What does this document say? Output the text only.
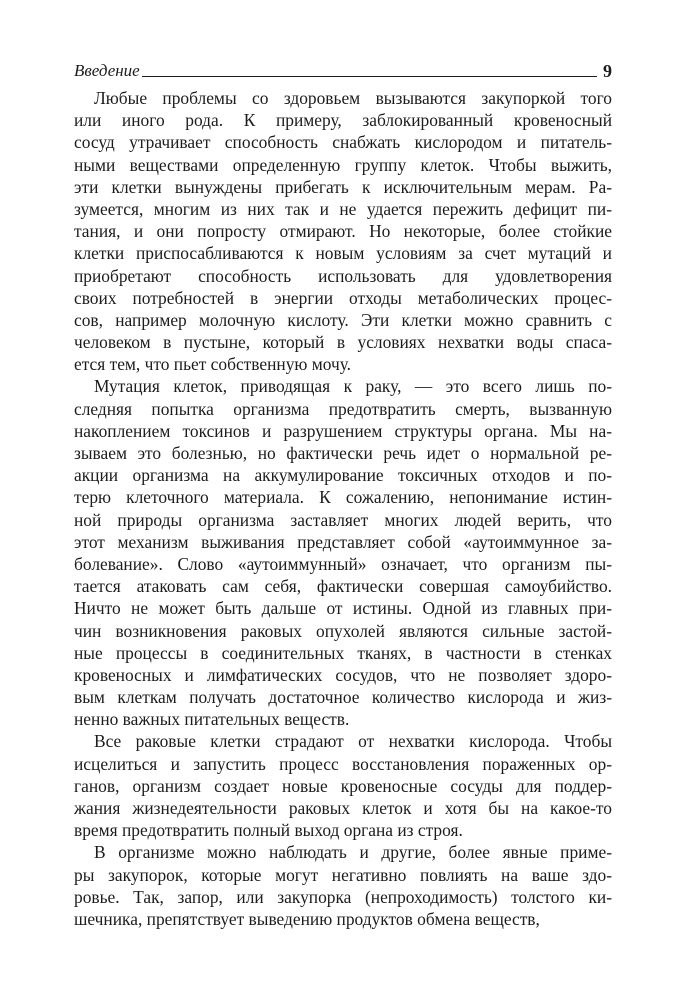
Введение	9
Любые проблемы со здоровьем вызываются закупоркой того
или иного рода. К примеру, заблокированный кровеносный
сосуд утрачивает способность снабжать кислородом и питатель-
ными веществами определенную группу клеток. Чтобы выжить,
эти клетки вынуждены прибегать к исключительным мерам. Ра-
зумеется, многим из них так и не удается пережить дефицит пи-
тания, и они попросту отмирают. Но некоторые, более стойкие
клетки приспосабливаются к новым условиям за счет мутаций и
приобретают способность использовать для удовлетворения
своих потребностей в энергии отходы метаболических процес-
сов, например молочную кислоту. Эти клетки можно сравнить с
человеком в пустыне, который в условиях нехватки воды спаса-
ется тем, что пьет собственную мочу.
Мутация клеток, приводящая к раку, — это всего лишь по-
следняя попытка организма предотвратить смерть, вызванную
накоплением токсинов и разрушением структуры органа. Мы на-
зываем это болезнью, но фактически речь идет о нормальной ре-
акции организма на аккумулирование токсичных отходов и по-
терю клеточного материала. К сожалению, непонимание истин-
ной природы организма заставляет многих людей верить, что
этот механизм выживания представляет собой «аутоиммунное за-
болевание». Слово «аутоиммунный» означает, что организм пы-
тается атаковать сам себя, фактически совершая самоубийство.
Ничто не может быть дальше от истины. Одной из главных при-
чин возникновения раковых опухолей являются сильные застой-
ные процессы в соединительных тканях, в частности в стенках
кровеносных и лимфатических сосудов, что не позволяет здоро-
вым клеткам получать достаточное количество кислорода и жиз-
ненно важных питательных веществ.
Все раковые клетки страдают от нехватки кислорода. Чтобы
исцелиться и запустить процесс восстановления пораженных ор-
ганов, организм создает новые кровеносные сосуды для поддер-
жания жизнедеятельности раковых клеток и хотя бы на какое-то
время предотвратить полный выход органа из строя.
В организме можно наблюдать и другие, более явные приме-
ры закупорок, которые могут негативно повлиять на ваше здо-
ровье. Так, запор, или закупорка (непроходимость) толстого ки-
шечника, препятствует выведению продуктов обмена веществ,
